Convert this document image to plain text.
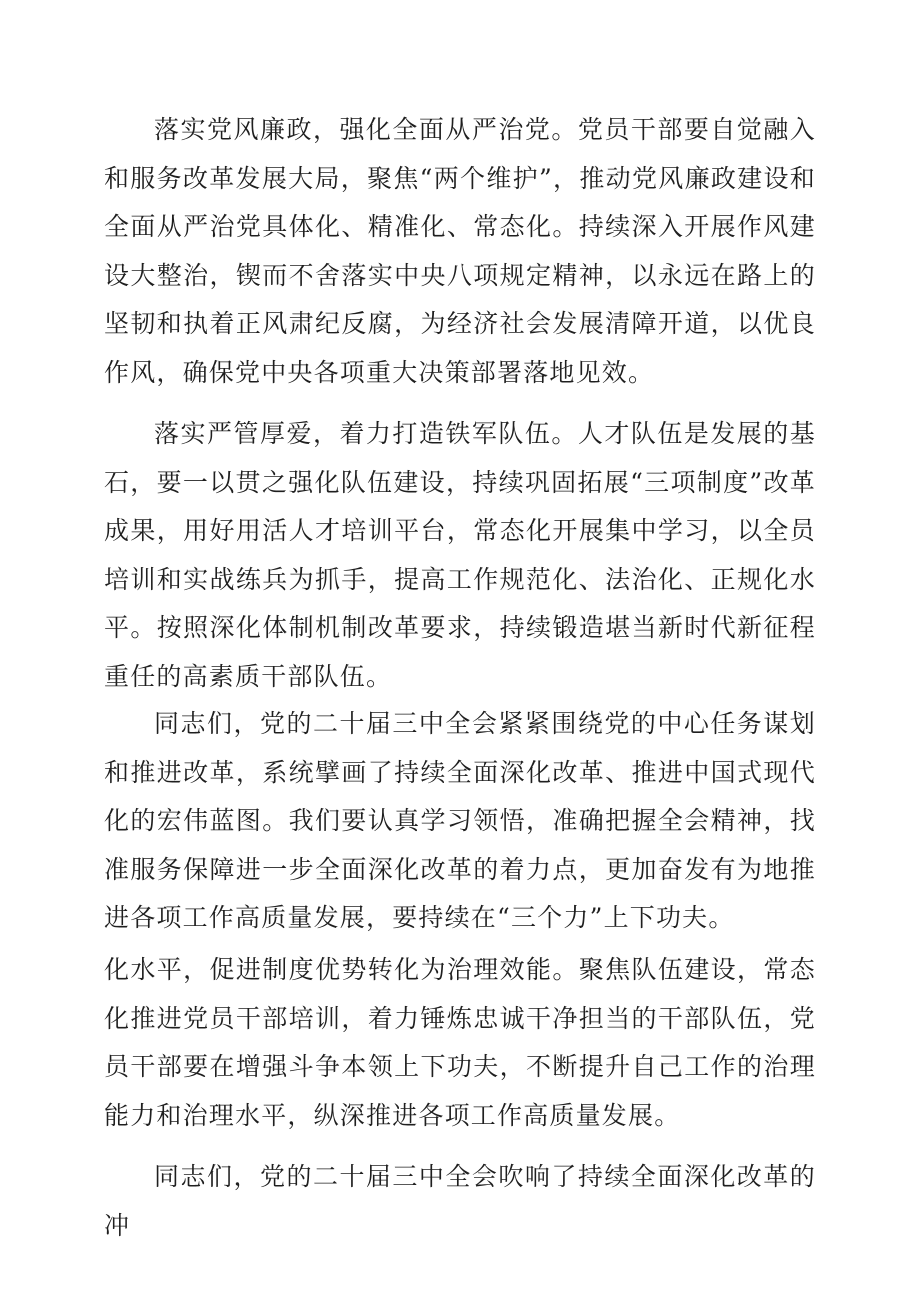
落实党风廉政，强化全面从严治党。党员干部要自觉融入和服务改革发展大局，聚焦“两个维护”，推动党风廉政建设和全面从严治党具体化、精准化、常态化。持续深入开展作风建设大整治，锲而不舍落实中央八项规定精神，以永远在路上的坚韧和执着正风肃纪反腐，为经济社会发展清障开道，以优良作风，确保党中央各项重大决策部署落地见效。

落实严管厚爱，着力打造铁军队伍。人才队伍是发展的基石，要一以贯之强化队伍建设，持续巩固拓展“三项制度”改革成果，用好用活人才培训平台，常态化开展集中学习，以全员培训和实战练兵为抓手，提高工作规范化、法治化、正规化水平。按照深化体制机制改革要求，持续锻造堪当新时代新征程重任的高素质干部队伍。

同志们，党的二十届三中全会紧紧围绕党的中心任务谋划和推进改革，系统擘画了持续全面深化改革、推进中国式现代化的宏伟蓝图。我们要认真学习领悟，准确把握全会精神，找准服务保障进一步全面深化改革的着力点，更加奋发有为地推进各项工作高质量发展，要持续在“三个力”上下功夫。

化水平，促进制度优势转化为治理效能。聚焦队伍建设，常态化推进党员干部培训，着力锤炼忠诚干净担当的干部队伍，党员干部要在增强斗争本领上下功夫，不断提升自己工作的治理能力和治理水平，纵深推进各项工作高质量发展。

同志们，党的二十届三中全会吹响了持续全面深化改革的冲
